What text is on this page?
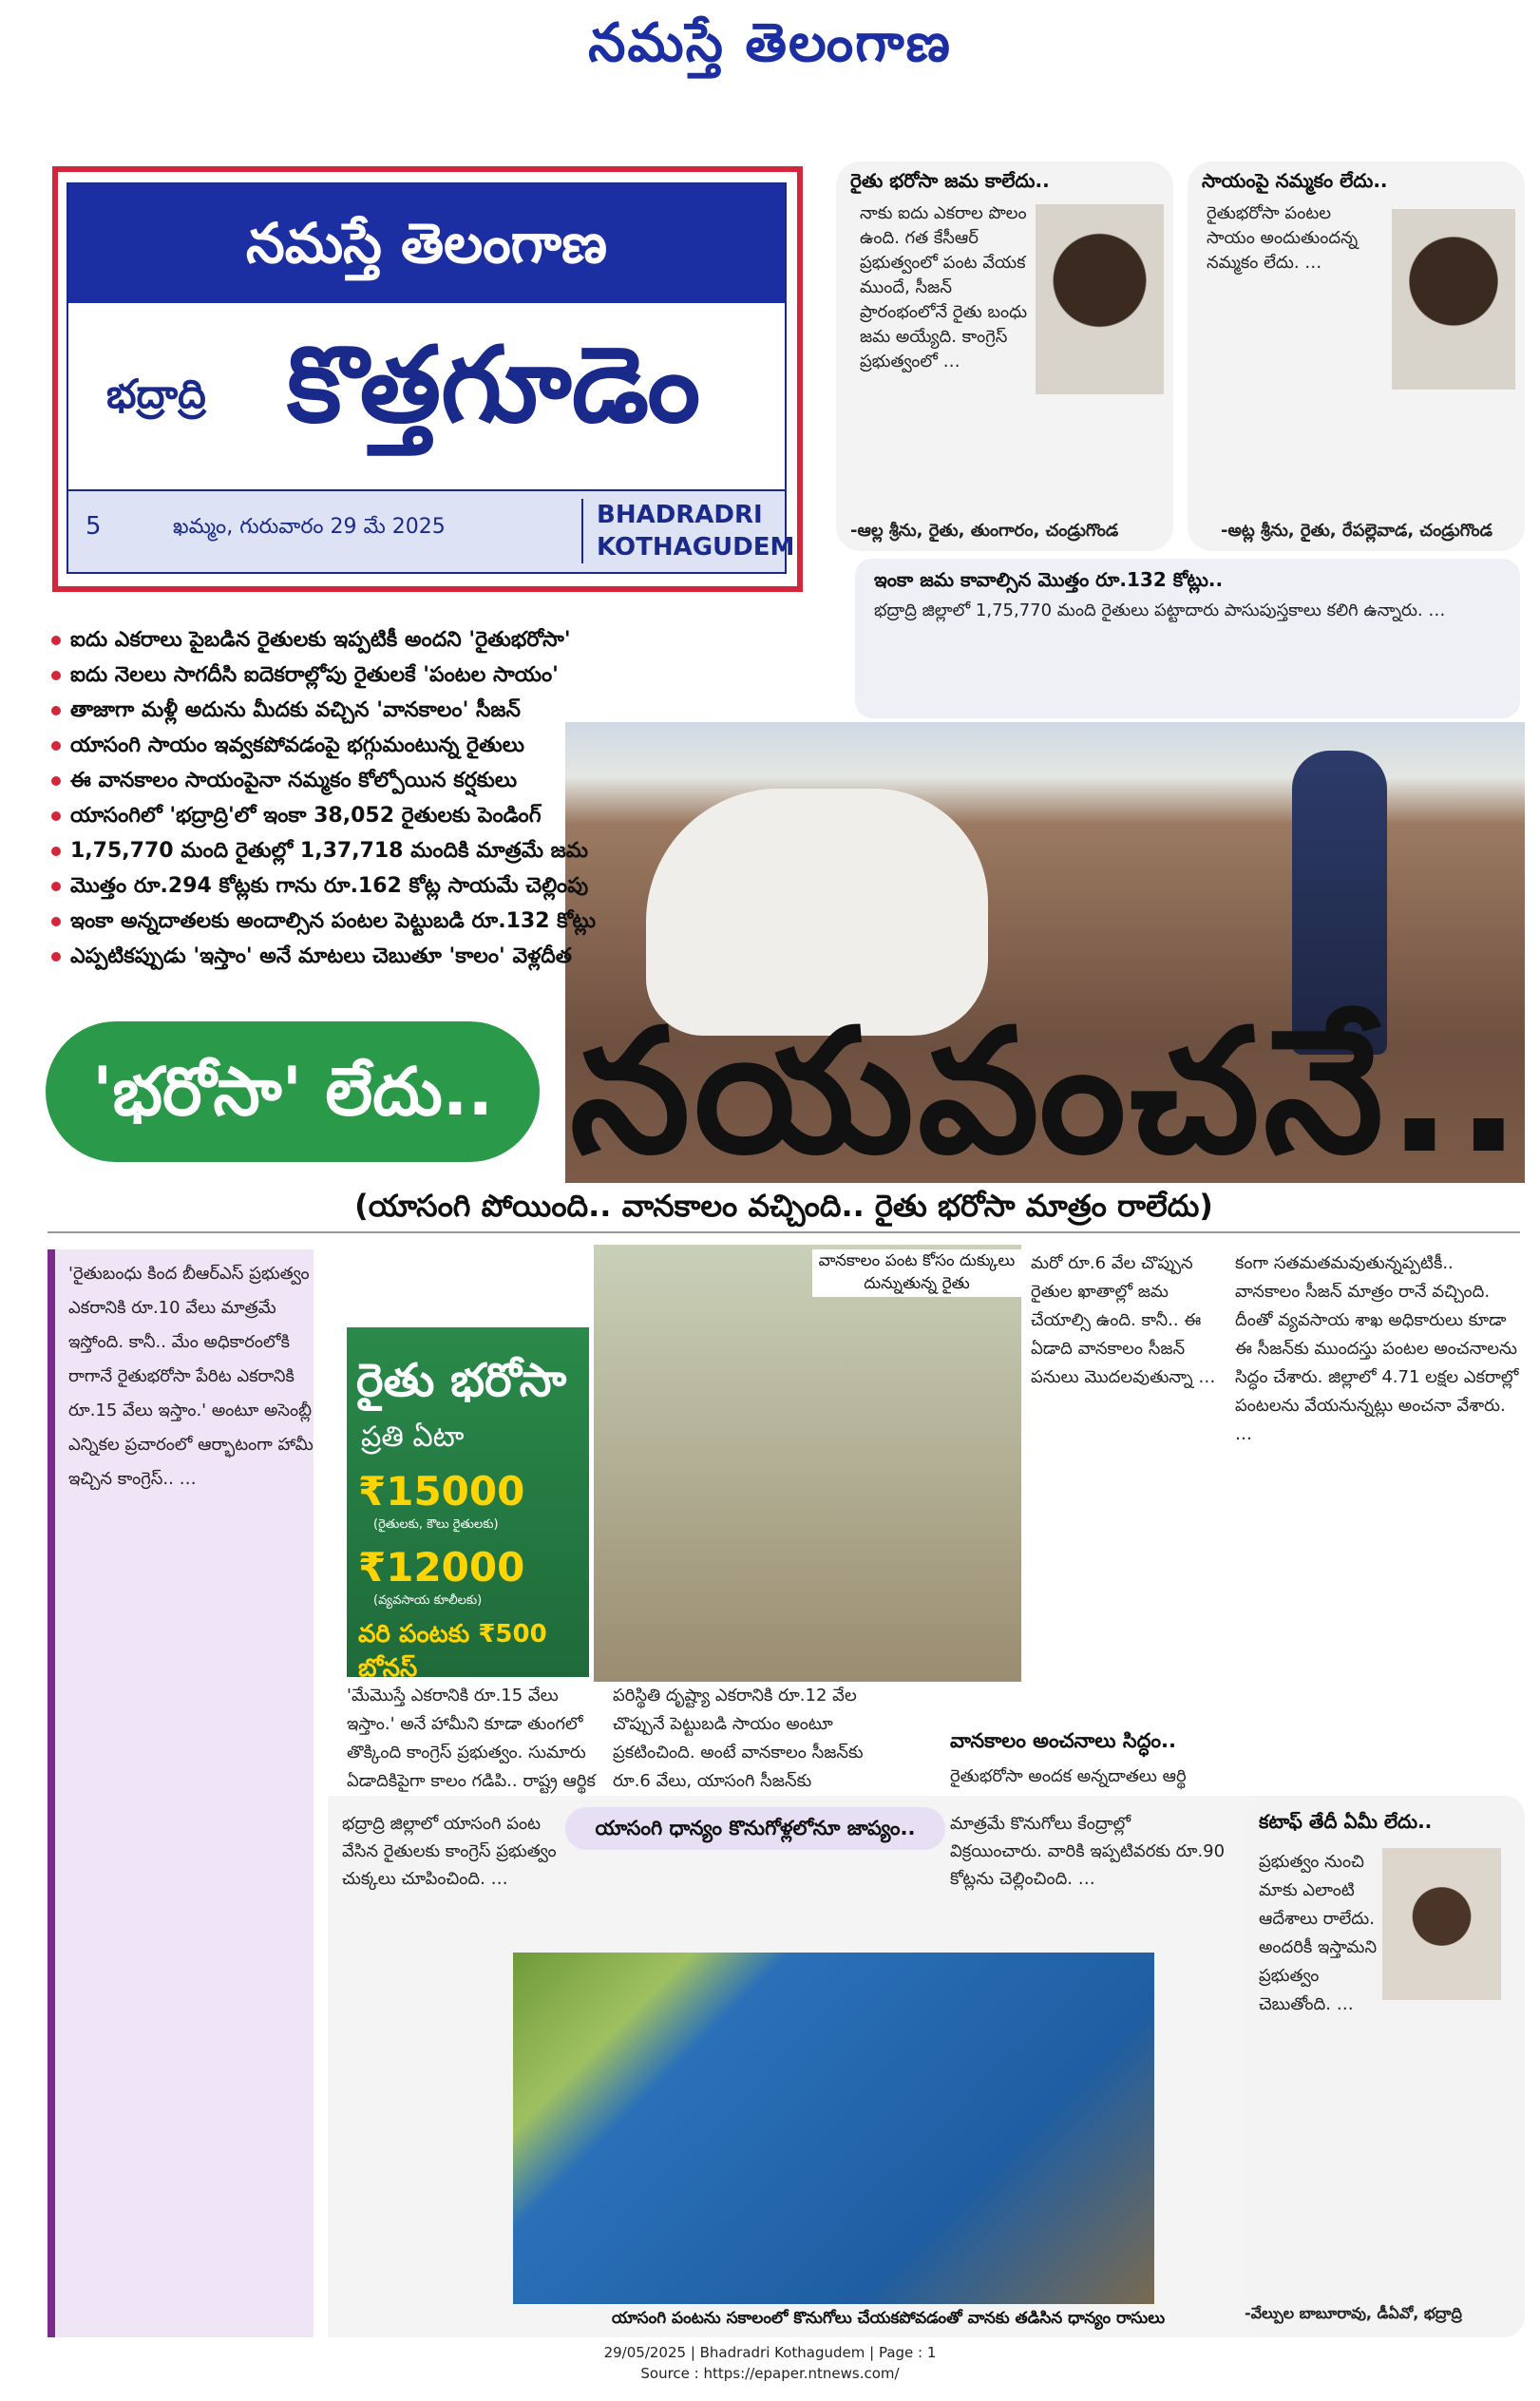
నమస్తే తెలంగాణ
నమస్తే తెలంగాణ
భద్రాద్రి కొత్తగూడెం
5	ఖమ్మం, గురువారం 29 మే 2025	BHADRADRI
KOTHAGUDEM
రైతు భరోసా జమ కాలేదు..
నాకు ఐదు ఎకరాల పొలం ఉంది. గత కేసీఆర్ ప్రభుత్వంలో పంట వేయక ముందే, సీజన్ ప్రారంభంలోనే రైతు బంధు జమ అయ్యేది. కాంగ్రెస్ ప్రభుత్వంలో …
-ఆల్ల శ్రీను, రైతు, తుంగారం, చండ్రుగొండ
సాయంపై నమ్మకం లేదు..
రైతుభరోసా పంటల సాయం అందుతుందన్న నమ్మకం లేదు. …
-అట్ల శ్రీను, రైతు, రేపల్లెవాడ, చండ్రుగొండ
ఇంకా జమ కావాల్సిన మొత్తం రూ.132 కోట్లు..
భద్రాద్రి జిల్లాలో 1,75,770 మంది రైతులు పట్టాదారు పాసుపుస్తకాలు కలిగి ఉన్నారు. …
ఐదు ఎకరాలు పైబడిన రైతులకు ఇప్పటికీ అందని 'రైతుభరోసా'
ఐదు నెలలు సాగదీసి ఐదెకరాల్లోపు రైతులకే 'పంటల సాయం'
తాజాగా మళ్లీ అదును మీదకు వచ్చిన 'వానకాలం' సీజన్
యాసంగి సాయం ఇవ్వకపోవడంపై భగ్గుమంటున్న రైతులు
ఈ వానకాలం సాయంపైనా నమ్మకం కోల్పోయిన కర్షకులు
యాసంగిలో 'భద్రాద్రి'లో ఇంకా 38,052 రైతులకు పెండింగ్
1,75,770 మంది రైతుల్లో 1,37,718 మందికి మాత్రమే జమ
మొత్తం రూ.294 కోట్లకు గాను రూ.162 కోట్ల సాయమే చెల్లింపు
ఇంకా అన్నదాతలకు అందాల్సిన పంటల పెట్టుబడి రూ.132 కోట్లు
ఎప్పటికప్పుడు 'ఇస్తాం' అనే మాటలు చెబుతూ 'కాలం' వెళ్లదీత
'భరోసా' లేదు.. నయవంచనే..
(యాసంగి పోయింది.. వానకాలం వచ్చింది.. రైతు భరోసా మాత్రం రాలేదు)
'రైతుబంధు కింద బీఆర్ఎస్ ప్రభుత్వం ఎకరానికి రూ.10 వేలు మాత్రమే ఇస్తోంది. కానీ.. మేం అధికారంలోకి రాగానే రైతుభరోసా పేరిట ఎకరానికి రూ.15 వేలు ఇస్తాం.' అంటూ అసెంబ్లీ ఎన్నికల ప్రచారంలో ఆర్భాటంగా హామీ ఇచ్చిన కాంగ్రెస్.. …
రైతు భరోసా
ప్రతి ఏటా
₹15000
(రైతులకు, కౌలు రైతులకు)
₹12000
(వ్యవసాయ కూలీలకు)
వరి పంటకు ₹500 బోనస్
వానకాలం పంట కోసం దుక్కులు దున్నుతున్న రైతు
మరో రూ.6 వేల చొప్పున రైతుల ఖాతాల్లో జమ చేయాల్సి ఉంది. కానీ.. ఈ ఏడాది వానకాలం సీజన్ పనులు మొదలవుతున్నా …
కంగా సతమతమవుతున్నప్పటికీ.. వానకాలం సీజన్ మాత్రం రానే వచ్చింది. దీంతో వ్యవసాయ శాఖ అధికారులు కూడా ఈ సీజన్‌కు ముందస్తు పంటల అంచనాలను సిద్ధం చేశారు. జిల్లాలో 4.71 లక్షల ఎకరాల్లో పంటలను వేయనున్నట్లు అంచనా వేశారు. …
'మేమొస్తే ఎకరానికి రూ.15 వేలు ఇస్తాం.' అనే హామీని కూడా తుంగలో తొక్కింది కాంగ్రెస్ ప్రభుత్వం. సుమారు ఏడాదికిపైగా కాలం గడిపి.. రాష్ట్ర ఆర్థిక
పరిస్థితి దృష్ట్యా ఎకరానికి రూ.12 వేల చొప్పునే పెట్టుబడి సాయం అంటూ ప్రకటించింది. అంటే వానకాలం సీజన్‌కు రూ.6 వేలు, యాసంగి సీజన్‌కు
వానకాలం అంచనాలు సిద్ధం..
రైతుభరోసా అందక అన్నదాతలు ఆర్థి
యాసంగి ధాన్యం కొనుగోళ్లలోనూ జాప్యం..
భద్రాద్రి జిల్లాలో యాసంగి పంట వేసిన రైతులకు కాంగ్రెస్ ప్రభుత్వం చుక్కలు చూపించింది. …
మాత్రమే కొనుగోలు కేంద్రాల్లో విక్రయించారు. వారికి ఇప్పటివరకు రూ.90 కోట్లను చెల్లించింది. …
యాసంగి పంటను సకాలంలో కొనుగోలు చేయకపోవడంతో వానకు తడిసిన ధాన్యం రాసులు
కటాఫ్ తేదీ ఏమీ లేదు..
ప్రభుత్వం నుంచి మాకు ఎలాంటి ఆదేశాలు రాలేదు. అందరికీ ఇస్తామని ప్రభుత్వం చెబుతోంది. …
-వేల్పుల బాబూరావు, డీఏవో, భద్రాద్రి
29/05/2025 | Bhadradri Kothagudem | Page : 1
Source : https://epaper.ntnews.com/
